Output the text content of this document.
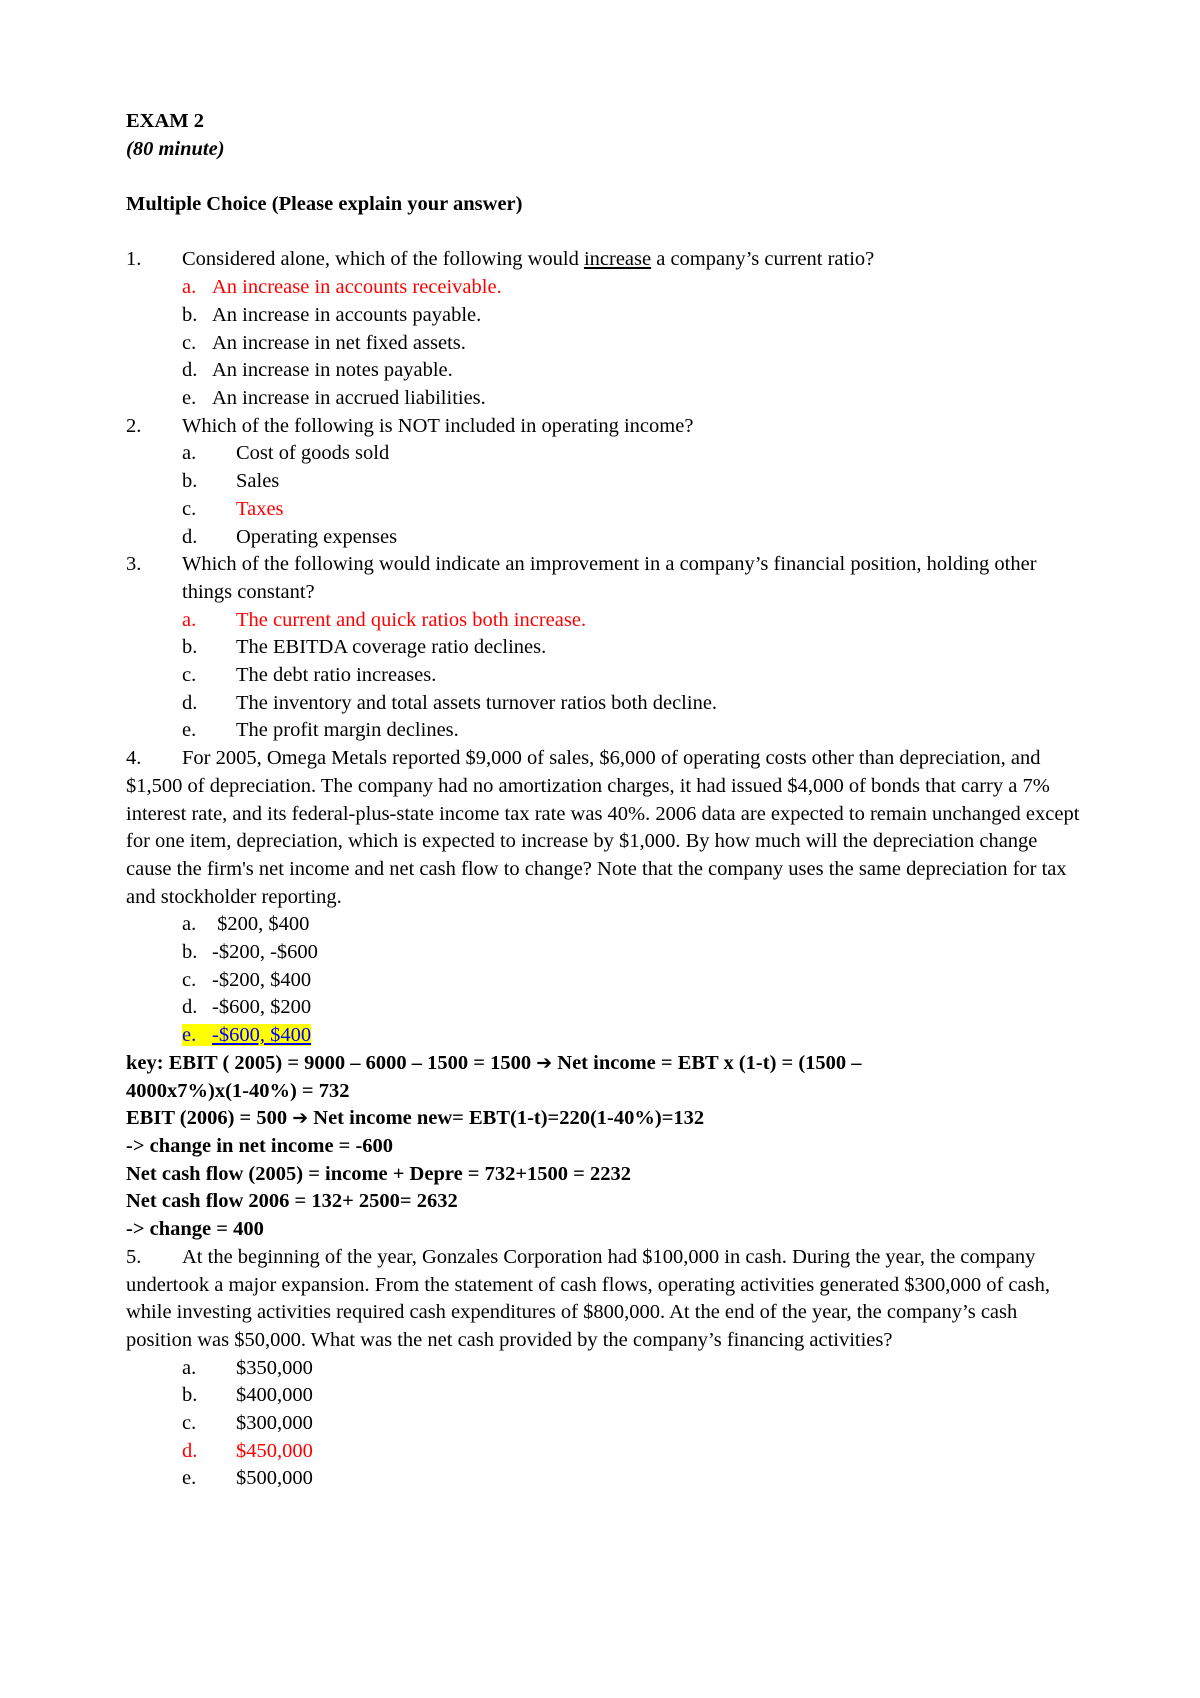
EXAM 2
(80 minute)
Multiple Choice (Please explain your answer)
1. Considered alone, which of the following would increase a company’s current ratio?
a. An increase in accounts receivable.
b. An increase in accounts payable.
c. An increase in net fixed assets.
d. An increase in notes payable.
e. An increase in accrued liabilities.
2. Which of the following is NOT included in operating income?
a. Cost of goods sold
b. Sales
c. Taxes
d. Operating expenses
3.	Which of the following would indicate an improvement in a company’s financial position, holding other things constant?
a. The current and quick ratios both increase.
b. The EBITDA coverage ratio declines.
c. The debt ratio increases.
d. The inventory and total assets turnover ratios both decline.
e. The profit margin declines.
4. For 2005, Omega Metals reported $9,000 of sales, $6,000 of operating costs other than depreciation, and $1,500 of depreciation. The company had no amortization charges, it had issued $4,000 of bonds that carry a 7% interest rate, and its federal-plus-state income tax rate was 40%. 2006 data are expected to remain unchanged except for one item, depreciation, which is expected to increase by $1,000. By how much will the depreciation change cause the firm's net income and net cash flow to change? Note that the company uses the same depreciation for tax and stockholder reporting.
a. $200, $400
b. -$200, -$600
c. -$200, $400
d. -$600, $200
e. -$600, $400
key: EBIT ( 2005) = 9000 – 6000 – 1500 = 1500 ➔ Net income = EBT x (1-t) = (1500 –
4000x7%)x(1-40%) = 732
EBIT (2006) = 500 ➔ Net income new= EBT(1-t)=220(1-40%)=132
-> change in net income = -600
Net cash flow (2005) = income + Depre = 732+1500 = 2232
Net cash flow 2006 = 132+ 2500= 2632
-> change = 400
5. At the beginning of the year, Gonzales Corporation had $100,000 in cash. During the year, the company undertook a major expansion. From the statement of cash flows, operating activities generated $300,000 of cash, while investing activities required cash expenditures of $800,000. At the end of the year, the company’s cash position was $50,000. What was the net cash provided by the company’s financing activities?
a. $350,000
b. $400,000
c. $300,000
d. $450,000
e. $500,000
